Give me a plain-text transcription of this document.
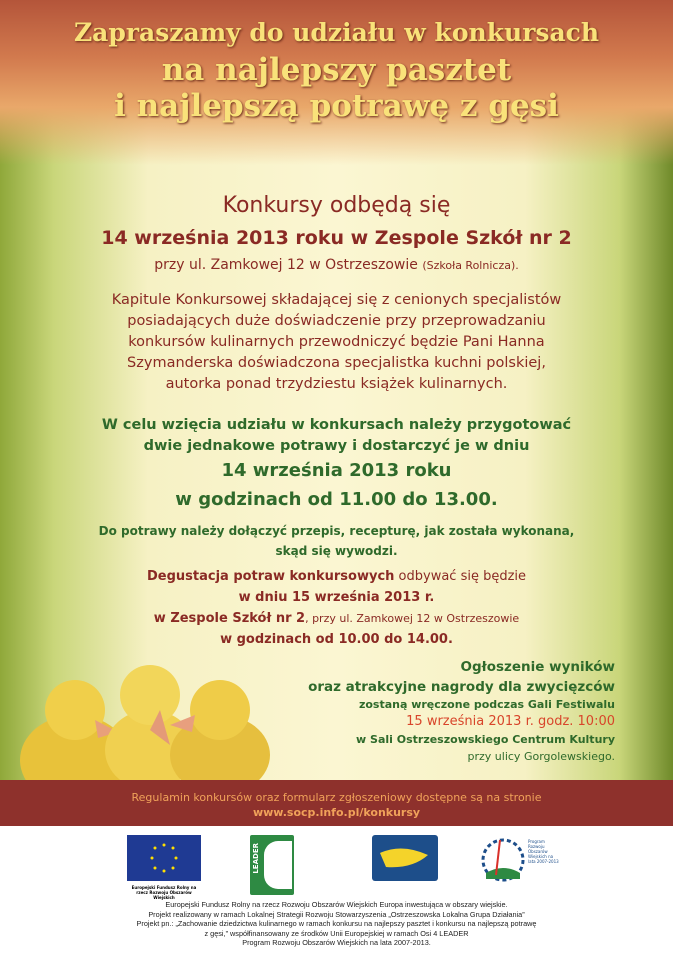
Zapraszamy do udziału w konkursach
na najlepszy pasztet
i najlepszą potrawę z gęsi
Konkursy odbędą się
14 września 2013 roku w Zespole Szkół nr 2
przy ul. Zamkowej 12 w Ostrzeszowie (Szkoła Rolnicza).
Kapitule Konkursowej składającej się z cenionych specjalistów
posiadających duże doświadczenie przy przeprowadzaniu
konkursów kulinarnych przewodniczyć będzie Pani Hanna
Szymanderska doświadczona specjalistka kuchni polskiej,
autorka ponad trzydziestu książek kulinarnych.
W celu wzięcia udziału w konkursach należy przygotować
dwie jednakowe potrawy i dostarczyć je w dniu
14 września 2013 roku
w godzinach od 11.00 do 13.00.
Do potrawy należy dołączyć przepis, recepturę, jak została wykonana,
skąd się wywodzi.
Degustacja potraw konkursowych odbywać się będzie
w dniu 15 września 2013 r.
w Zespole Szkół nr 2, przy ul. Zamkowej 12 w Ostrzeszowie
w godzinach od 10.00 do 14.00.
Ogłoszenie wyników
oraz atrakcyjne nagrody dla zwycięzców
zostaną wręczone podczas Gali Festiwalu
15 września 2013 r. godz. 10:00
w Sali Ostrzeszowskiego Centrum Kultury
przy ulicy Gorgolewskiego.
Regulamin konkursów oraz formularz zgłoszeniowy dostępne są na stronie
www.socp.info.pl/konkursy
Europejski Fundusz Rolny na rzecz Rozwoju Obszarów Wiejskich
LEADER
Program Rozwoju Obszarów Wiejskich na lata 2007-2013
Europejski Fundusz Rolny na rzecz Rozwoju Obszarów Wiejskich Europa inwestująca w obszary wiejskie.
Projekt realizowany w ramach Lokalnej Strategii Rozwoju Stowarzyszenia „Ostrzeszowska Lokalna Grupa Działania”
Projekt pn.: „Zachowanie dziedzictwa kulinarnego w ramach konkursu na najlepszy pasztet i konkursu na najlepszą potrawę
z gęsi,” współfinansowany ze środków Unii Europejskiej w ramach Osi 4 LEADER
Program Rozwoju Obszarów Wiejskich na lata 2007-2013.
